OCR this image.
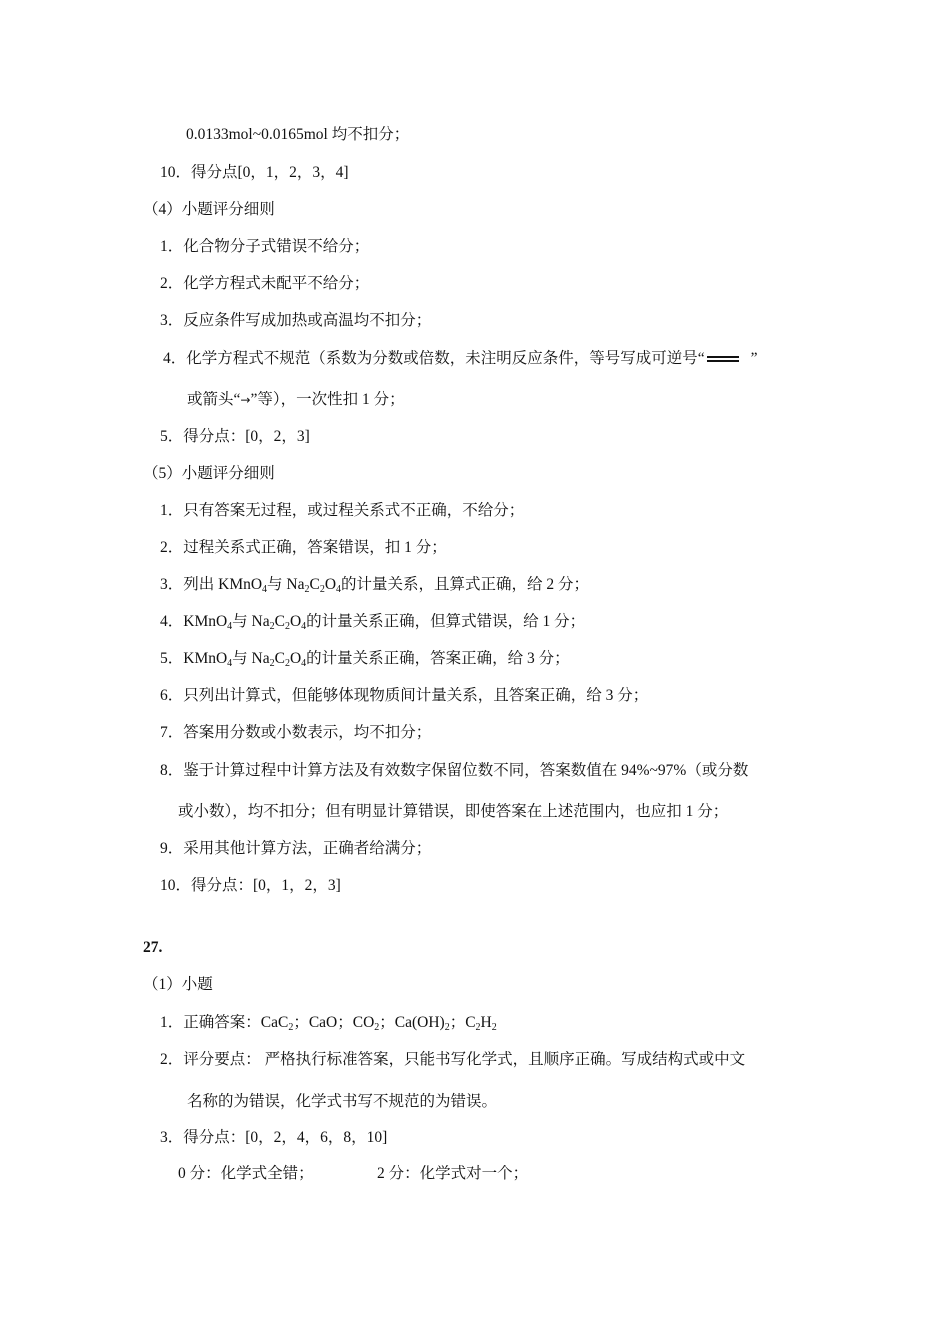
0.0133mol~0.0165mol 均不扣分；
10．得分点[0，1，2，3，4]
（4）小题评分细则
1．化合物分子式错误不给分；
2．化学方程式未配平不给分；
3．反应条件写成加热或高温均不扣分；
4．化学方程式不规范（系数为分数或倍数，未注明反应条件，等号写成可逆号“	”
或箭头“→”等），一次性扣 1 分；
5．得分点：[0，2，3]
（5）小题评分细则
1．只有答案无过程，或过程关系式不正确，不给分；
2．过程关系式正确，答案错误，扣 1 分；
3．列出 KMnO$_4$与 $Na_2C_2O_4$的计量关系，且算式正确，给 2 分；
4．KMnO$_4$与 $Na_2C_2O_4$的计量关系正确，但算式错误，给 1 分；
5．KMnO$_4$与 $Na_2C_2O_4$的计量关系正确，答案正确，给 3 分；
6．只列出计算式，但能够体现物质间计量关系，且答案正确，给 3 分；
7．答案用分数或小数表示，均不扣分；
8．鉴于计算过程中计算方法及有效数字保留位数不同，答案数值在 94%~97%（或分数
或小数），均不扣分；但有明显计算错误，即使答案在上述范围内，也应扣 1 分；
9．采用其他计算方法，正确者给满分；
10．得分点：[0，1，2，3]
27.
（1）小题
1．正确答案：CaC$_2$；CaO；$CO_2$；$Ca(OH)_2$；$C_2H_2$
2．评分要点： 严格执行标准答案，只能书写化学式，且顺序正确。写成结构式或中文
名称的为错误，化学式书写不规范的为错误。
3．得分点：[0，2，4，6，8，10]
0 分：化学式全错；	2 分：化学式对一个；
